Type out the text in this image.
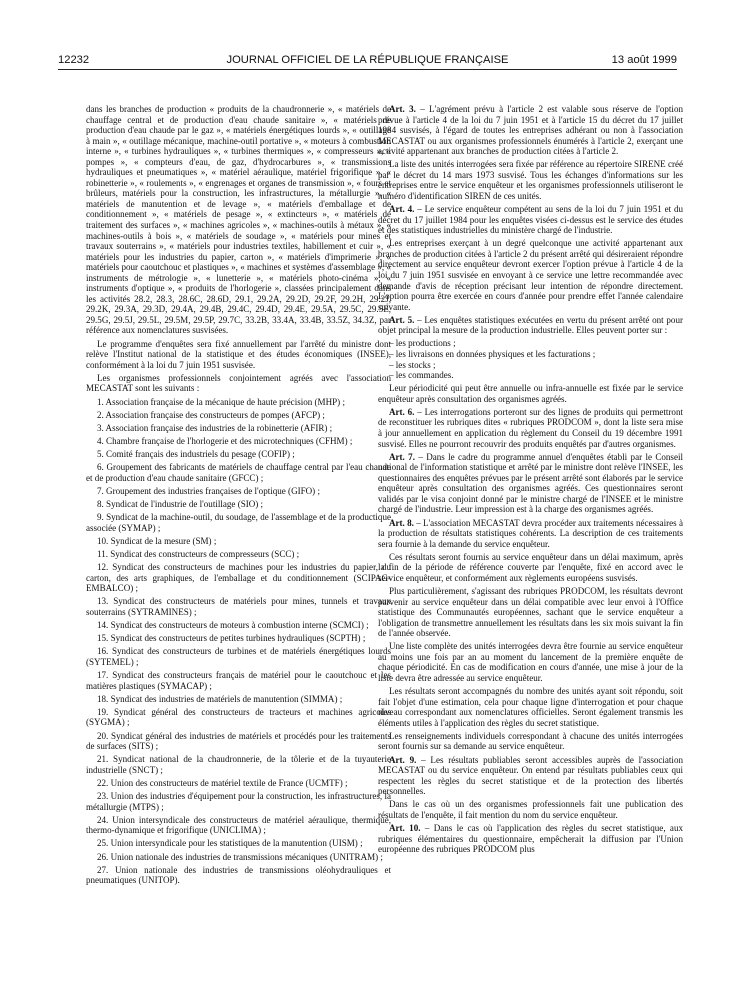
12232	JOURNAL OFFICIEL DE LA RÉPUBLIQUE FRANÇAISE	13 août 1999

dans les branches de production « produits de la chaudronnerie », « matériels de chauffage central et de production d'eau chaude sanitaire », « matériels de production d'eau chaude par le gaz », « matériels énergétiques lourds », « outillage à main », « outillage mécanique, machine-outil portative », « moteurs à combustion interne », « turbines hydrauliques », « turbines thermiques », « compresseurs », « pompes », « compteurs d'eau, de gaz, d'hydrocarbures », « transmissions hydrauliques et pneumatiques », « matériel aéraulique, matériel frigorifique », « robinetterie », « roulements », « engrenages et organes de transmission », « fours et brûleurs, matériels pour la construction, les infrastructures, la métallurgie », « matériels de manutention et de levage », « matériels d'emballage et de conditionnement », « matériels de pesage », « extincteurs », « matériels de traitement des surfaces », « machines agricoles », « machines-outils à métaux », « machines-outils à bois », « matériels de soudage », « matériels pour mines et travaux souterrains », « matériels pour industries textiles, habillement et cuir », « matériels pour les industries du papier, carton », « matériels d'imprimerie », « matériels pour caoutchouc et plastiques », « machines et systèmes d'assemblage », « instruments de métrologie », « lunetterie », « matériels photo-cinéma », « instruments d'optique », « produits de l'horlogerie », classées principalement dans les activités 28.2, 28.3, 28.6C, 28.6D, 29.1, 29.2A, 29.2D, 29.2F, 29.2H, 29.2J, 29.2K, 29.3A, 29.3D, 29.4A, 29.4B, 29.4C, 29.4D, 29.4E, 29.5A, 29.5C, 29.5E, 29.5G, 29.5J, 29.5L, 29.5M, 29.5P, 29.7C, 33.2B, 33.4A, 33.4B, 33.5Z, 34.3Z, par référence aux nomenclatures susvisées.

Le programme d'enquêtes sera fixé annuellement par l'arrêté du ministre dont relève l'Institut national de la statistique et des études économiques (INSEE), conformément à la loi du 7 juin 1951 susvisée.

Les organismes professionnels conjointement agréés avec l'association MECASTAT sont les suivants :

1. Association française de la mécanique de haute précision (MHP) ;

2. Association française des constructeurs de pompes (AFCP) ;

3. Association française des industries de la robinetterie (AFIR) ;

4. Chambre française de l'horlogerie et des microtechniques (CFHM) ;

5. Comité français des industriels du pesage (COFIP) ;

6. Groupement des fabricants de matériels de chauffage central par l'eau chaude et de production d'eau chaude sanitaire (GFCC) ;

7. Groupement des industries françaises de l'optique (GIFO) ;

8. Syndicat de l'industrie de l'outillage (SIO) ;

9. Syndicat de la machine-outil, du soudage, de l'assemblage et de la productique associée (SYMAP) ;

10. Syndicat de la mesure (SM) ;

11. Syndicat des constructeurs de compresseurs (SCC) ;

12. Syndicat des constructeurs de machines pour les industries du papier, du carton, des arts graphiques, de l'emballage et du conditionnement (SCIPAG-EMBALCO) ;

13. Syndicat des constructeurs de matériels pour mines, tunnels et travaux souterrains (SYTRAMINES) ;

14. Syndicat des constructeurs de moteurs à combustion interne (SCMCI) ;

15. Syndicat des constructeurs de petites turbines hydrauliques (SCPTH) ;

16. Syndicat des constructeurs de turbines et de matériels énergétiques lourds (SYTEMEL) ;

17. Syndicat des constructeurs français de matériel pour le caoutchouc et les matières plastiques (SYMACAP) ;

18. Syndicat des industries de matériels de manutention (SIMMA) ;

19. Syndicat général des constructeurs de tracteurs et machines agricoles (SYGMA) ;

20. Syndicat général des industries de matériels et procédés pour les traitements de surfaces (SITS) ;

21. Syndicat national de la chaudronnerie, de la tôlerie et de la tuyauterie industrielle (SNCT) ;

22. Union des constructeurs de matériel textile de France (UCMTF) ;

23. Union des industries d'équipement pour la construction, les infrastructures, la métallurgie (MTPS) ;

24. Union intersyndicale des constructeurs de matériel aéraulique, thermique, thermo-dynamique et frigorifique (UNICLIMA) ;

25. Union intersyndicale pour les statistiques de la manutention (UISM) ;

26. Union nationale des industries de transmissions mécaniques (UNITRAM) ;

27. Union nationale des industries de transmissions oléohydrauliques et pneumatiques (UNITOP).

Art. 3. – L'agrément prévu à l'article 2 est valable sous réserve de l'option prévue à l'article 4 de la loi du 7 juin 1951 et à l'article 15 du décret du 17 juillet 1984 susvisés, à l'égard de toutes les entreprises adhérant ou non à l'association MECASTAT ou aux organismes professionnels énumérés à l'article 2, exerçant une activité appartenant aux branches de production citées à l'article 2.

La liste des unités interrogées sera fixée par référence au répertoire SIRENE créé par le décret du 14 mars 1973 susvisé. Tous les échanges d'informations sur les entreprises entre le service enquêteur et les organismes professionnels utiliseront le numéro d'identification SIREN de ces unités.

Art. 4. – Le service enquêteur compétent au sens de la loi du 7 juin 1951 et du décret du 17 juillet 1984 pour les enquêtes visées ci-dessus est le service des études et des statistiques industrielles du ministère chargé de l'industrie.

Les entreprises exerçant à un degré quelconque une activité appartenant aux branches de production citées à l'article 2 du présent arrêté qui désireraient répondre directement au service enquêteur devront exercer l'option prévue à l'article 4 de la loi du 7 juin 1951 susvisée en envoyant à ce service une lettre recommandée avec demande d'avis de réception précisant leur intention de répondre directement. L'option pourra être exercée en cours d'année pour prendre effet l'année calendaire suivante.

Art. 5. – Les enquêtes statistiques exécutées en vertu du présent arrêté ont pour objet principal la mesure de la production industrielle. Elles peuvent porter sur :

– les productions ;
– les livraisons en données physiques et les facturations ;
– les stocks ;
– les commandes.

Leur périodicité qui peut être annuelle ou infra-annuelle est fixée par le service enquêteur après consultation des organismes agréés.

Art. 6. – Les interrogations porteront sur des lignes de produits qui permettront de reconstituer les rubriques dites « rubriques PRODCOM », dont la liste sera mise à jour annuellement en application du règlement du Conseil du 19 décembre 1991 susvisé. Elles ne pourront recouvrir des produits enquêtés par d'autres organismes.

Art. 7. – Dans le cadre du programme annuel d'enquêtes établi par le Conseil national de l'information statistique et arrêté par le ministre dont relève l'INSEE, les questionnaires des enquêtes prévues par le présent arrêté sont élaborés par le service enquêteur après consultation des organismes agréés. Ces questionnaires seront validés par le visa conjoint donné par le ministre chargé de l'INSEE et le ministre chargé de l'industrie. Leur impression est à la charge des organismes agréés.

Art. 8. – L'association MECASTAT devra procéder aux traitements nécessaires à la production de résultats statistiques cohérents. La description de ces traitements sera fournie à la demande du service enquêteur.

Ces résultats seront fournis au service enquêteur dans un délai maximum, après la fin de la période de référence couverte par l'enquête, fixé en accord avec le service enquêteur, et conformément aux règlements européens susvisés.

Plus particulièrement, s'agissant des rubriques PRODCOM, les résultats devront parvenir au service enquêteur dans un délai compatible avec leur envoi à l'Office statistique des Communautés européennes, sachant que le service enquêteur a l'obligation de transmettre annuellement les résultats dans les six mois suivant la fin de l'année observée.

Une liste complète des unités interrogées devra être fournie au service enquêteur au moins une fois par an au moment du lancement de la première enquête de chaque périodicité. En cas de modification en cours d'année, une mise à jour de la liste devra être adressée au service enquêteur.

Les résultats seront accompagnés du nombre des unités ayant soit répondu, soit fait l'objet d'une estimation, cela pour chaque ligne d'interrogation et pour chaque niveau correspondant aux nomenclatures officielles. Seront également transmis les éléments utiles à l'application des règles du secret statistique.

Les renseignements individuels correspondant à chacune des unités interrogées seront fournis sur sa demande au service enquêteur.

Art. 9. – Les résultats publiables seront accessibles auprès de l'association MECASTAT ou du service enquêteur. On entend par résultats publiables ceux qui respectent les règles du secret statistique et de la protection des libertés personnelles.

Dans le cas où un des organismes professionnels fait une publication des résultats de l'enquête, il fait mention du nom du service enquêteur.

Art. 10. – Dans le cas où l'application des règles du secret statistique, aux rubriques élémentaires du questionnaire, empêcherait la diffusion par l'Union européenne des rubriques PRODCOM plus
